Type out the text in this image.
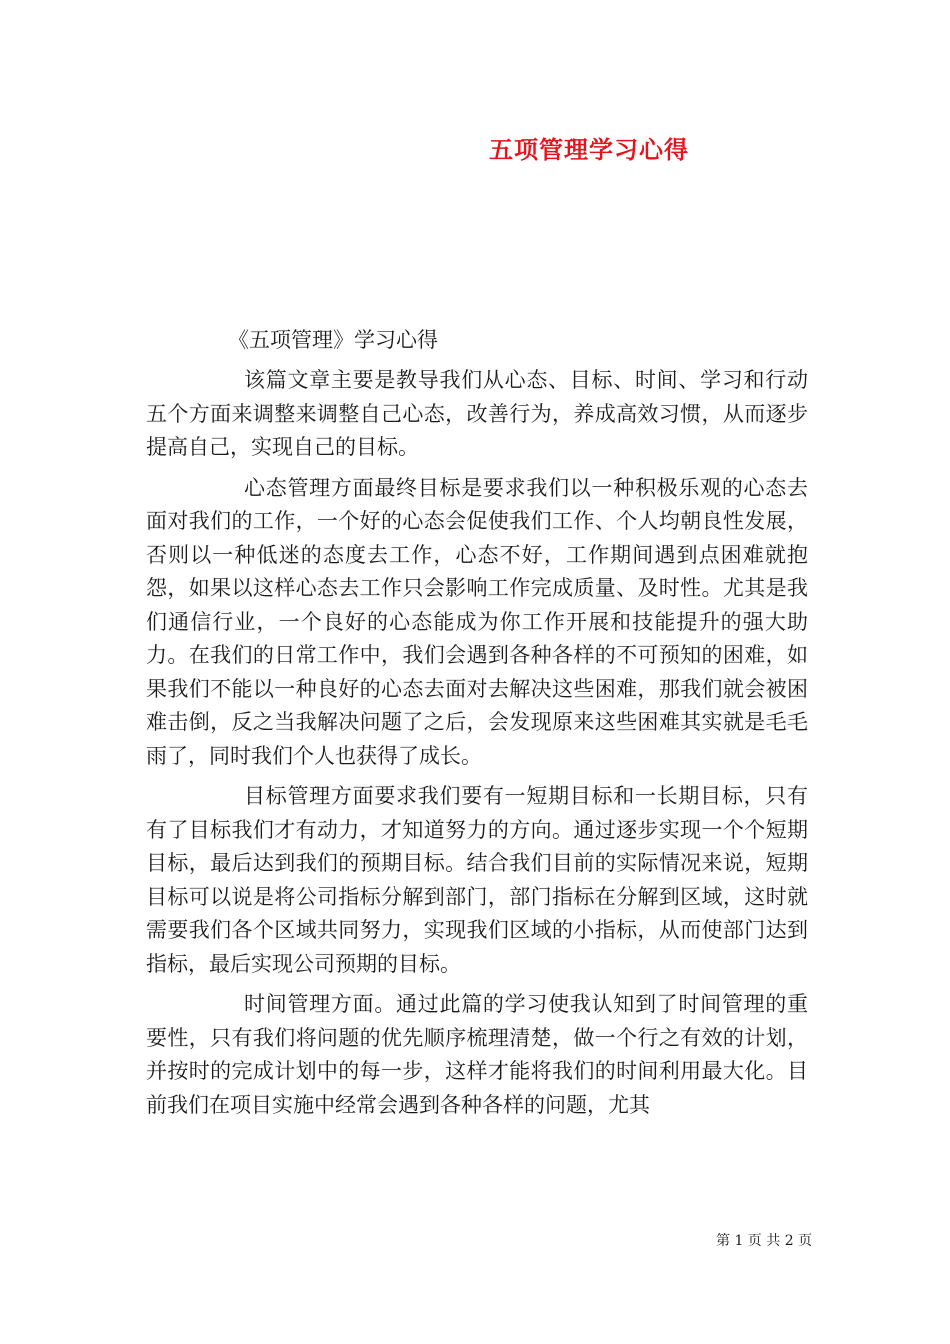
五项管理学习心得

《五项管理》学习心得

该篇文章主要是教导我们从心态、目标、时间、学习和行动五个方面来调整来调整自己心态，改善行为，养成高效习惯，从而逐步提高自己，实现自己的目标。

心态管理方面最终目标是要求我们以一种积极乐观的心态去面对我们的工作，一个好的心态会促使我们工作、个人均朝良性发展，否则以一种低迷的态度去工作，心态不好，工作期间遇到点困难就抱怨，如果以这样心态去工作只会影响工作完成质量、及时性。尤其是我们通信行业，一个良好的心态能成为你工作开展和技能提升的强大助力。在我们的日常工作中，我们会遇到各种各样的不可预知的困难，如果我们不能以一种良好的心态去面对去解决这些困难，那我们就会被困难击倒，反之当我解决问题了之后，会发现原来这些困难其实就是毛毛雨了，同时我们个人也获得了成长。

目标管理方面要求我们要有一短期目标和一长期目标，只有有了目标我们才有动力，才知道努力的方向。通过逐步实现一个个短期目标，最后达到我们的预期目标。结合我们目前的实际情况来说，短期目标可以说是将公司指标分解到部门，部门指标在分解到区域，这时就需要我们各个区域共同努力，实现我们区域的小指标，从而使部门达到指标，最后实现公司预期的目标。

时间管理方面。通过此篇的学习使我认知到了时间管理的重要性，只有我们将问题的优先顺序梳理清楚，做一个行之有效的计划，并按时的完成计划中的每一步，这样才能将我们的时间利用最大化。目前我们在项目实施中经常会遇到各种各样的问题，尤其

第 1 页 共 2 页
